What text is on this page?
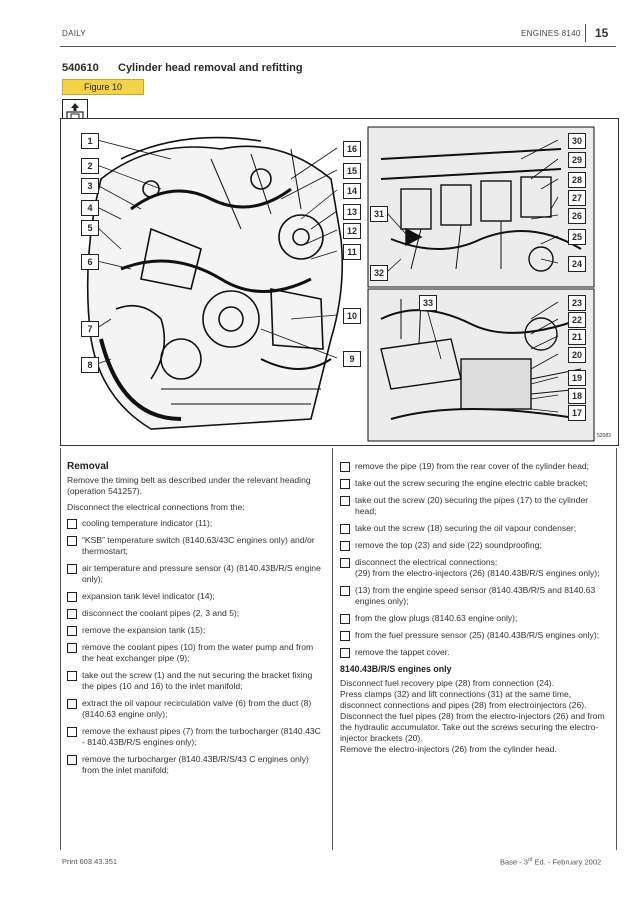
DAILY	ENGINES 8140 15
540610 Cylinder head removal and refitting
Figure 10
1
2
3
4
5
6
7
8
16
15
14
13
12
11
10
9
30
29
28
27
26
25
24
31
32
33	23
22
21
20
19
18
17
52083
Removal

Remove the timing belt as described under the relevant heading (operation 541257).

Disconnect the electrical connections from the:

cooling temperature indicator (11);
“KSB” temperature switch (8140.63/43C engines only) and/or thermostart;
air temperature and pressure sensor (4) (8140.43B/R/S engine only);
expansion tank level indicator (14);
disconnect the coolant pipes (2, 3 and 5);
remove the expansion tank (15);
remove the coolant pipes (10) from the water pump and from the heat exchanger pipe (9);
take out the screw (1) and the nut securing the bracket fixing the pipes (10 and 16) to the inlet manifold;
extract the oil vapour recirculation valve (6) from the duct (8) (8140.63 engine only);
remove the exhaust pipes (7) from the turbocharger (8140.43C - 8140.43B/R/S engines only);
remove the turbocharger (8140.43B/R/S/43 C engines only) from the inlet manifold;
remove the pipe (19) from the rear cover of the cylinder head;
take out the screw securing the engine electric cable bracket;
take out the screw (20) securing the pipes (17) to the cylinder head;
take out the screw (18) securing the oil vapour condenser;
remove the top (23) and side (22) soundproofing;
disconnect the electrical connections:
(29) from the electro-injectors (26) (8140.43B/R/S engines only);
(13) from the engine speed sensor (8140.43B/R/S and 8140.63 engines only);
from the glow plugs (8140.63 engine only);
from the fuel pressure sensor (25) (8140.43B/R/S engines only);
remove the tappet cover.
8140.43B/R/S engines only
Disconnect fuel recovery pipe (28) from connection (24).
Press clamps (32) and lift connections (31) at the same time, disconnect connections and pipes (28) from electroinjectors (26).
Disconnect the fuel pipes (28) from the electro-injectors (26) and from the hydraulic accumulator. Take out the screws securing the electro-injector brackets (20).
Remove the electro-injectors (26) from the cylinder head.
Print 603.43.351	Base - 3rd Ed. - February 2002
